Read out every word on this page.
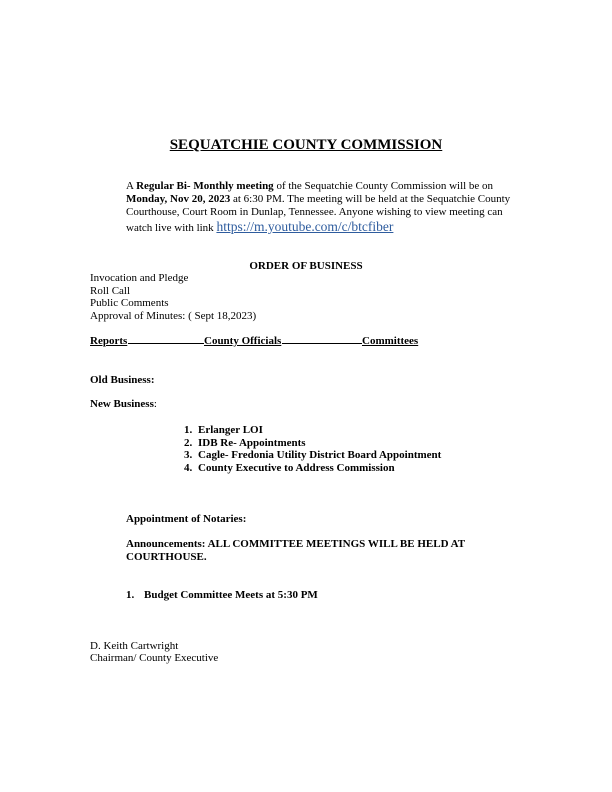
SEQUATCHIE COUNTY COMMISSION
A Regular Bi- Monthly meeting of the Sequatchie County Commission will be on Monday, Nov 20, 2023 at 6:30 PM. The meeting will be held at the Sequatchie County Courthouse, Court Room in Dunlap, Tennessee. Anyone wishing to view meeting can watch live with link https://m.youtube.com/c/btcfiber
ORDER OF BUSINESS
Invocation and Pledge
Roll Call
Public Comments
Approval of Minutes: ( Sept 18,2023)
Reports	County Officials	Committees
Old Business:
New Business:
1. Erlanger LOI
2. IDB Re- Appointments
3. Cagle- Fredonia Utility District Board Appointment
4. County Executive to Address Commission
Appointment of Notaries:
Announcements: ALL COMMITTEE MEETINGS WILL BE HELD AT
COURTHOUSE.
1. Budget Committee Meets at 5:30 PM
D. Keith Cartwright
Chairman/ County Executive
